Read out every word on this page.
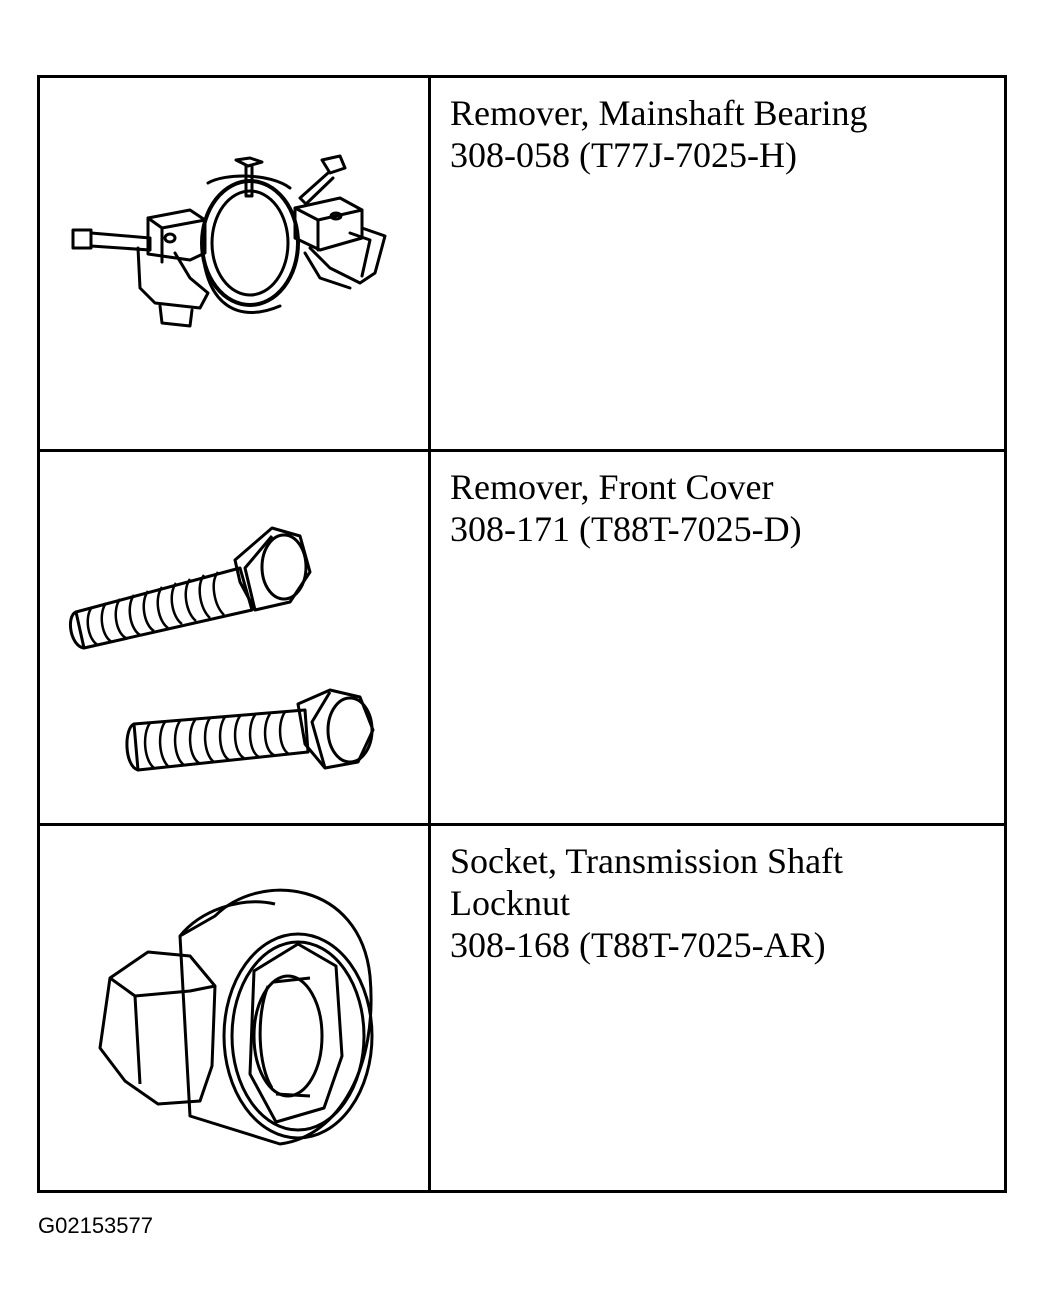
Remover, Mainshaft Bearing
308-058 (T77J-7025-H)
Remover, Front Cover
308-171 (T88T-7025-D)
Socket, Transmission Shaft
Locknut
308-168 (T88T-7025-AR)
G02153577
